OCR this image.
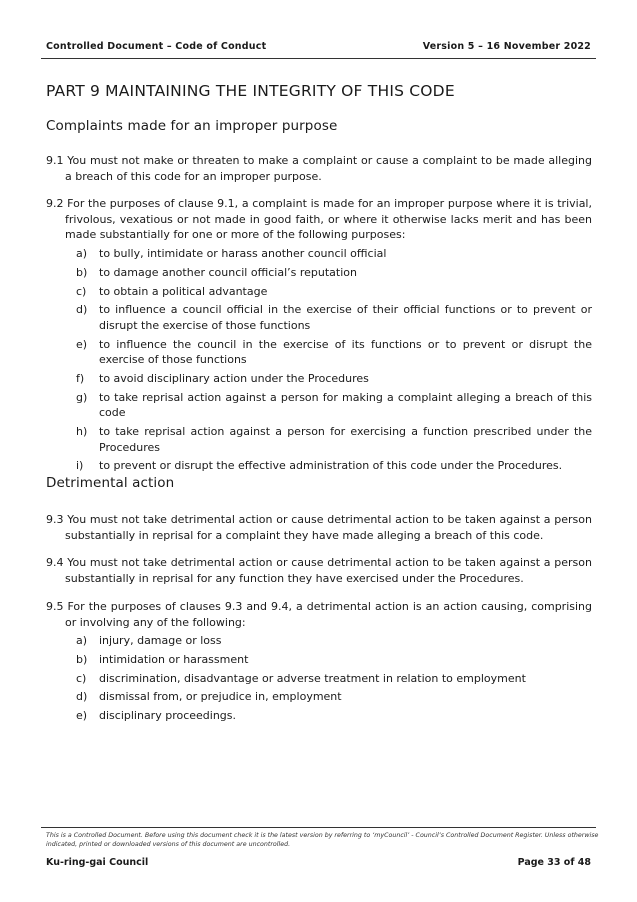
Controlled Document – Code of Conduct	Version 5 – 16 November 2022
PART 9 MAINTAINING THE INTEGRITY OF THIS CODE
Complaints made for an improper purpose

9.1 You must not make or threaten to make a complaint or cause a complaint to be made alleging a breach of this code for an improper purpose.

9.2 For the purposes of clause 9.1, a complaint is made for an improper purpose where it is trivial, frivolous, vexatious or not made in good faith, or where it otherwise lacks merit and has been made substantially for one or more of the following purposes:

a)	to bully, intimidate or harass another council official
b)	to damage another council official’s reputation
c)	to obtain a political advantage
d)	to influence a council official in the exercise of their official functions or to prevent or disrupt the exercise of those functions
e)	to influence the council in the exercise of its functions or to prevent or disrupt the exercise of those functions
f)	to avoid disciplinary action under the Procedures
g)	to take reprisal action against a person for making a complaint alleging a breach of this code
h)	to take reprisal action against a person for exercising a function prescribed under the Procedures
i)	to prevent or disrupt the effective administration of this code under the Procedures.
Detrimental action

9.3 You must not take detrimental action or cause detrimental action to be taken against a person substantially in reprisal for a complaint they have made alleging a breach of this code.

9.4 You must not take detrimental action or cause detrimental action to be taken against a person substantially in reprisal for any function they have exercised under the Procedures.

9.5 For the purposes of clauses 9.3 and 9.4, a detrimental action is an action causing, comprising or involving any of the following:

a)	injury, damage or loss
b)	intimidation or harassment
c)	discrimination, disadvantage or adverse treatment in relation to employment
d)	dismissal from, or prejudice in, employment
e)	disciplinary proceedings.
This is a Controlled Document. Before using this document check it is the latest version by referring to ‘myCouncil’ - Council’s Controlled Document Register. Unless otherwise indicated, printed or downloaded versions of this document are uncontrolled.
Ku-ring-gai Council	Page 33 of 48
